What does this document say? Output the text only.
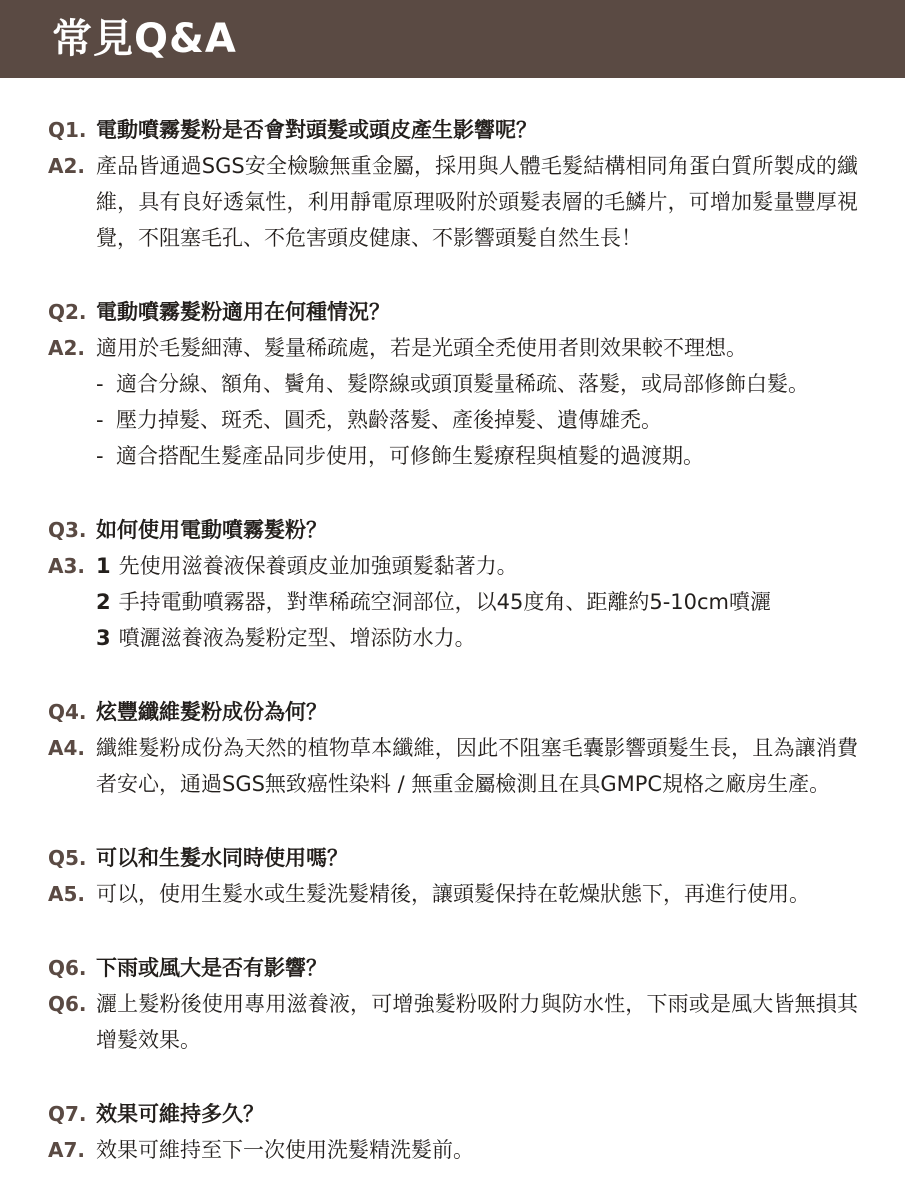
常見Q&A
Q1. 電動噴霧髮粉是否會對頭髮或頭皮產生影響呢？
A2. 產品皆通過SGS安全檢驗無重金屬，採用與人體毛髮結構相同角蛋白質所製成的纖維，具有良好透氣性，利用靜電原理吸附於頭髮表層的毛鱗片，可增加髮量豐厚視覺，不阻塞毛孔、不危害頭皮健康、不影響頭髮自然生長！
Q2. 電動噴霧髮粉適用在何種情況？
A2. 適用於毛髮細薄、髮量稀疏處，若是光頭全禿使用者則效果較不理想。
- 適合分線、額角、鬢角、髮際線或頭頂髮量稀疏、落髮，或局部修飾白髮。
- 壓力掉髮、斑禿、圓禿，熟齡落髮、產後掉髮、遺傳雄禿。
- 適合搭配生髮產品同步使用，可修飾生髮療程與植髮的過渡期。
Q3. 如何使用電動噴霧髮粉？
A3. 1 先使用滋養液保養頭皮並加強頭髮黏著力。
2 手持電動噴霧器，對準稀疏空洞部位，以45度角、距離約5-10cm噴灑
3 噴灑滋養液為髮粉定型、增添防水力。
Q4. 炫豐纖維髮粉成份為何？
A4. 纖維髮粉成份為天然的植物草本纖維，因此不阻塞毛囊影響頭髮生長，且為讓消費者安心，通過SGS無致癌性染料 / 無重金屬檢測且在具GMPC規格之廠房生產。
Q5. 可以和生髮水同時使用嗎？
A5. 可以，使用生髮水或生髮洗髮精後，讓頭髮保持在乾燥狀態下，再進行使用。
Q6. 下雨或風大是否有影響？
Q6. 灑上髮粉後使用專用滋養液，可增強髮粉吸附力與防水性，下雨或是風大皆無損其增髮效果。
Q7. 效果可維持多久？
A7. 效果可維持至下一次使用洗髮精洗髮前。
